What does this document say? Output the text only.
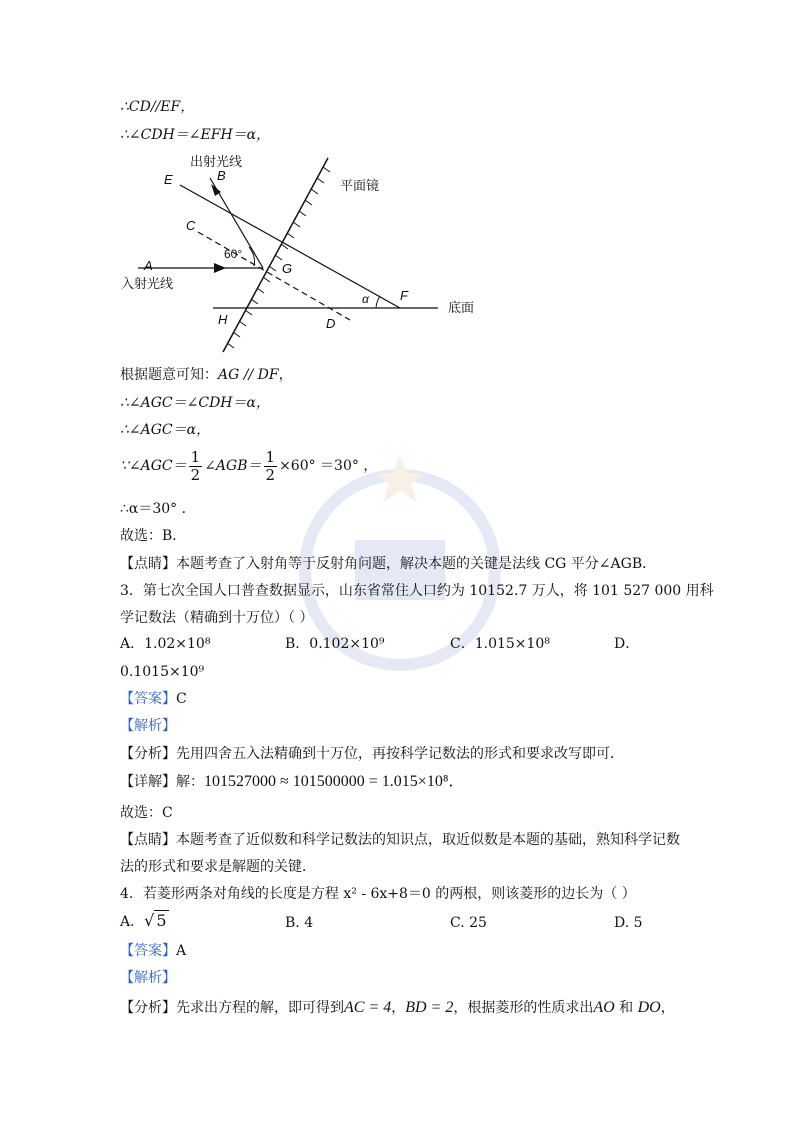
∴CD//EF，
∴∠CDH＝∠EFH＝α，
出射光线
平面镜
入射光线
底面
60°
α
E	B
C
A	G
H	D
F
根据题意可知：AG // DF，
∴∠AGC＝∠CDH＝α，
∴∠AGC＝α，
∵∠AGC＝ $\frac{1}{2}$ ∠AGB＝ $\frac{1}{2} \times 60^\circ =30^\circ$ ，
∴α＝30° ．
故选：B．
【点睛】本题考查了入射角等于反射角问题，解决本题的关键是法线 CG 平分∠AGB．
3．第七次全国人口普查数据显示，山东省常住人口约为 10152.7 万人，将 101 527 000 用科
学记数法（精确到十万位）（ ）
A．1.02×10⁸	B．0.102×10⁹	C．1.015×10⁸	D．
0.1015×10⁹
【答案】C
【解析】
【分析】先用四舍五入法精确到十万位，再按科学记数法的形式和要求改写即可．
【详解】解：101527000 ≈ 101500000 = 1.015×10⁸．
故选：C
【点睛】本题考查了近似数和科学记数法的知识点，取近似数是本题的基础，熟知科学记数
法的形式和要求是解题的关键．
4．若菱形两条对角线的长度是方程 x² - 6x+8＝0 的两根，则该菱形的边长为（ ）
A．√ 5	B. 4	C. 25	D. 5
【答案】A
【解析】
【分析】先求出方程的解，即可得到AC = 4，BD = 2，根据菱形的性质求出AO 和 DO，
